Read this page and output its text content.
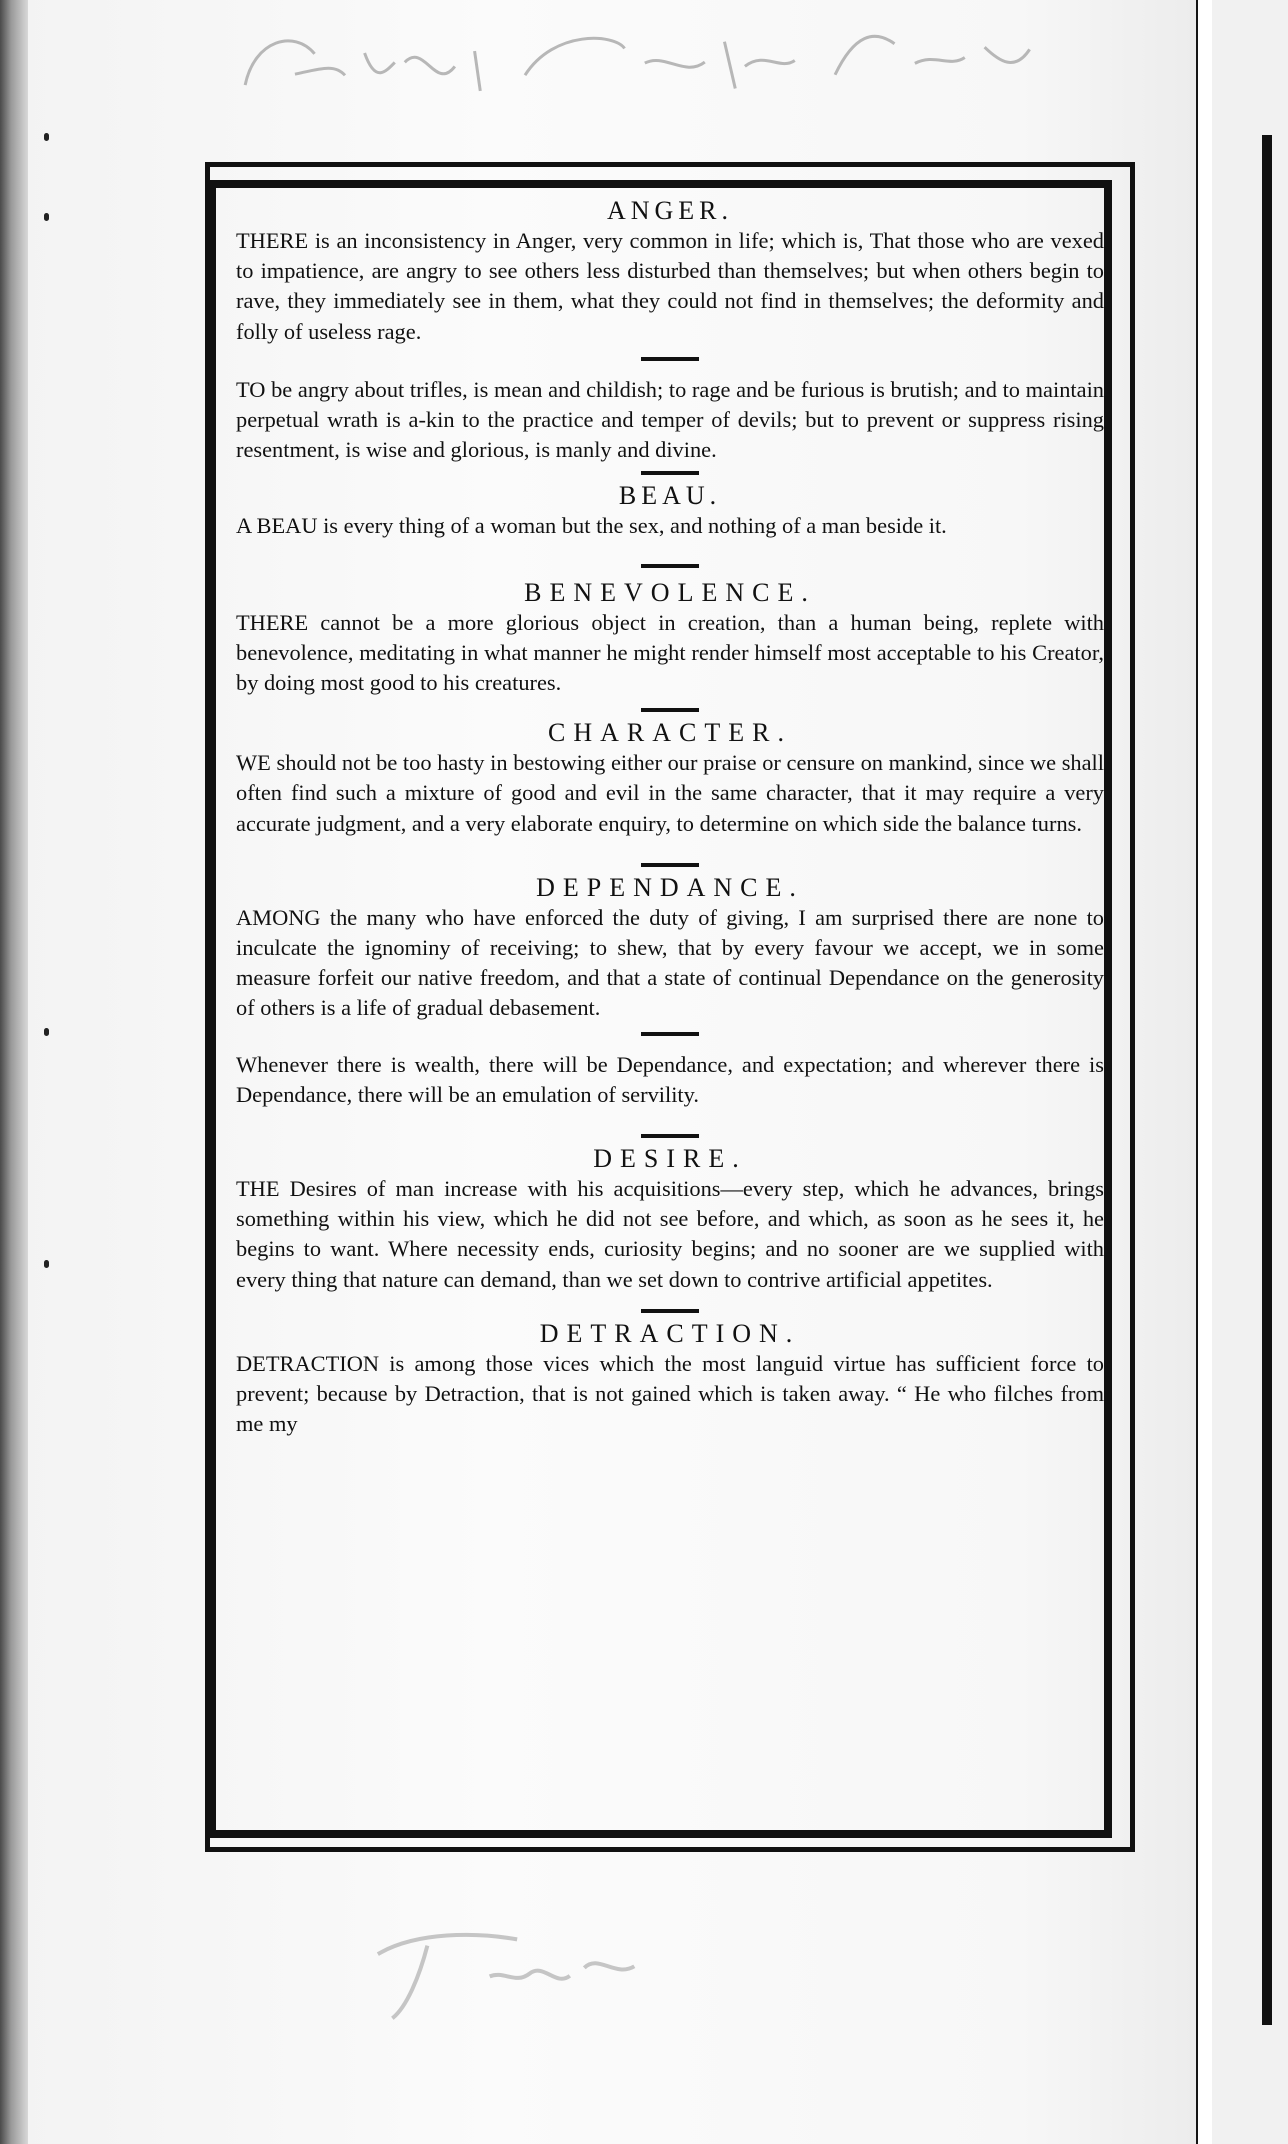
ANGER.

THERE is an inconsistency in Anger, very common in life; which is, That those who are vexed to impatience, are angry to see others less disturbed than themselves; but when others begin to rave, they immediately see in them, what they could not find in themselves; the deformity and folly of useless rage.

TO be angry about trifles, is mean and childish; to rage and be furious is brutish; and to maintain perpetual wrath is a-kin to the practice and temper of devils; but to prevent or suppress rising resentment, is wise and glorious, is manly and divine.

BEAU.

A BEAU is every thing of a woman but the sex, and nothing of a man beside it.

BENEVOLENCE.

THERE cannot be a more glorious object in creation, than a human being, replete with benevolence, meditating in what manner he might render himself most acceptable to his Creator, by doing most good to his creatures.

CHARACTER.

WE should not be too hasty in bestowing either our praise or censure on mankind, since we shall often find such a mixture of good and evil in the same character, that it may require a very accurate judgment, and a very elaborate enquiry, to determine on which side the balance turns.

DEPENDANCE.

AMONG the many who have enforced the duty of giving, I am surprised there are none to inculcate the ignominy of receiving; to shew, that by every favour we accept, we in some measure forfeit our native freedom, and that a state of continual Dependance on the generosity of others is a life of gradual debasement.

Whenever there is wealth, there will be Dependance, and expectation; and wherever there is Dependance, there will be an emulation of servility.

DESIRE.

THE Desires of man increase with his acquisitions—every step, which he advances, brings something within his view, which he did not see before, and which, as soon as he sees it, he begins to want. Where necessity ends, curiosity begins; and no sooner are we supplied with every thing that nature can demand, than we set down to contrive artificial appetites.

DETRACTION.

DETRACTION is among those vices which the most languid virtue has sufficient force to prevent; because by Detraction, that is not gained which is taken away. “ He who filches from me my
